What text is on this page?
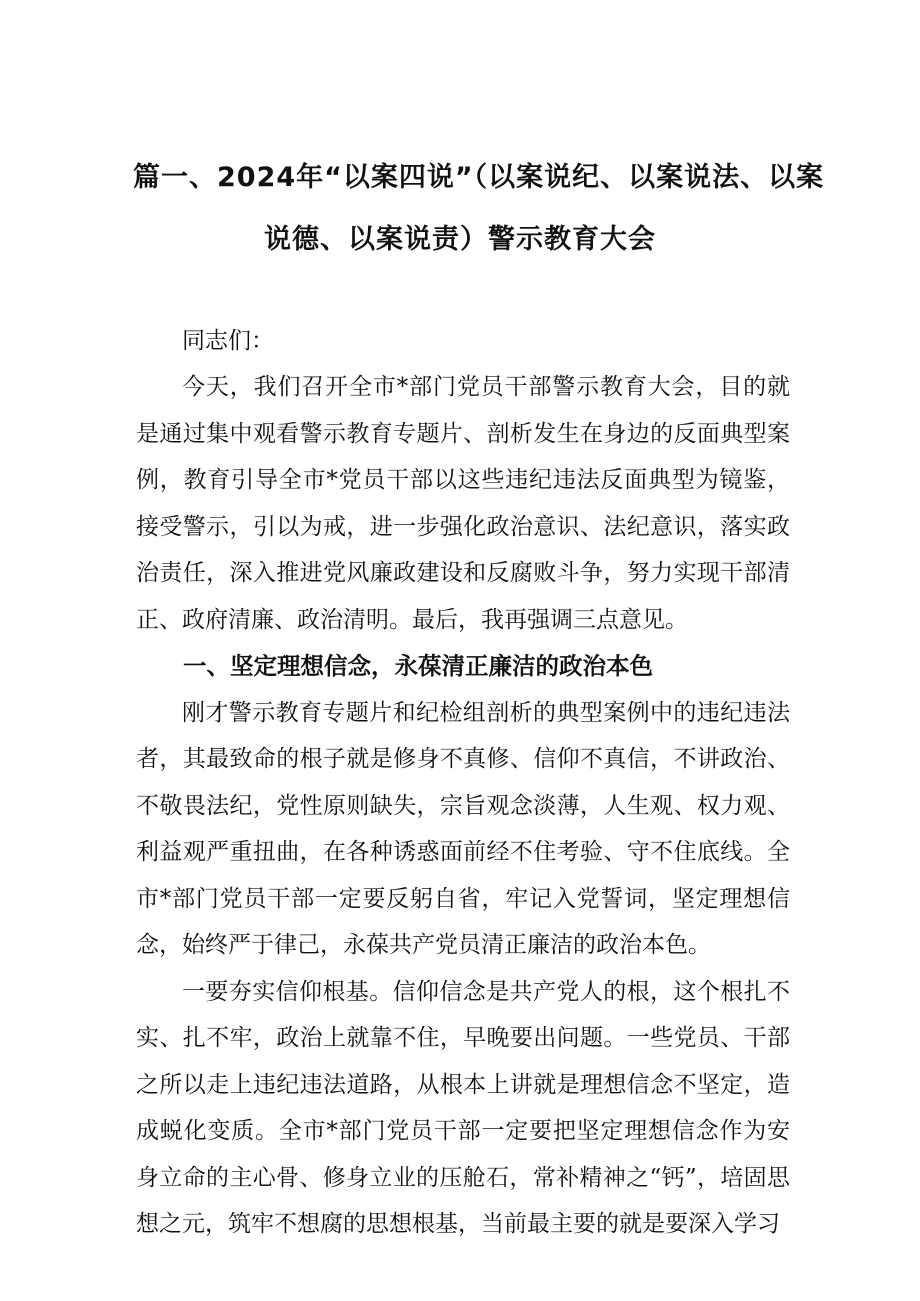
篇一、2024年“以案四说”（以案说纪、以案说法、以案
说德、以案说责）警示教育大会

同志们：

今天，我们召开全市*部门党员干部警示教育大会，目的就是通过集中观看警示教育专题片、剖析发生在身边的反面典型案例，教育引导全市*党员干部以这些违纪违法反面典型为镜鉴，接受警示，引以为戒，进一步强化政治意识、法纪意识，落实政治责任，深入推进党风廉政建设和反腐败斗争，努力实现干部清正、政府清廉、政治清明。最后，我再强调三点意见。

一、坚定理想信念，永葆清正廉洁的政治本色

刚才警示教育专题片和纪检组剖析的典型案例中的违纪违法者，其最致命的根子就是修身不真修、信仰不真信，不讲政治、不敬畏法纪，党性原则缺失，宗旨观念淡薄，人生观、权力观、利益观严重扭曲，在各种诱惑面前经不住考验、守不住底线。全市*部门党员干部一定要反躬自省，牢记入党誓词，坚定理想信念，始终严于律己，永葆共产党员清正廉洁的政治本色。

一要夯实信仰根基。信仰信念是共产党人的根，这个根扎不实、扎不牢，政治上就靠不住，早晚要出问题。一些党员、干部之所以走上违纪违法道路，从根本上讲就是理想信念不坚定，造成蜕化变质。全市*部门党员干部一定要把坚定理想信念作为安身立命的主心骨、修身立业的压舱石，常补精神之“钙”，培固思想之元，筑牢不想腐的思想根基，当前最主要的就是要深入学习
